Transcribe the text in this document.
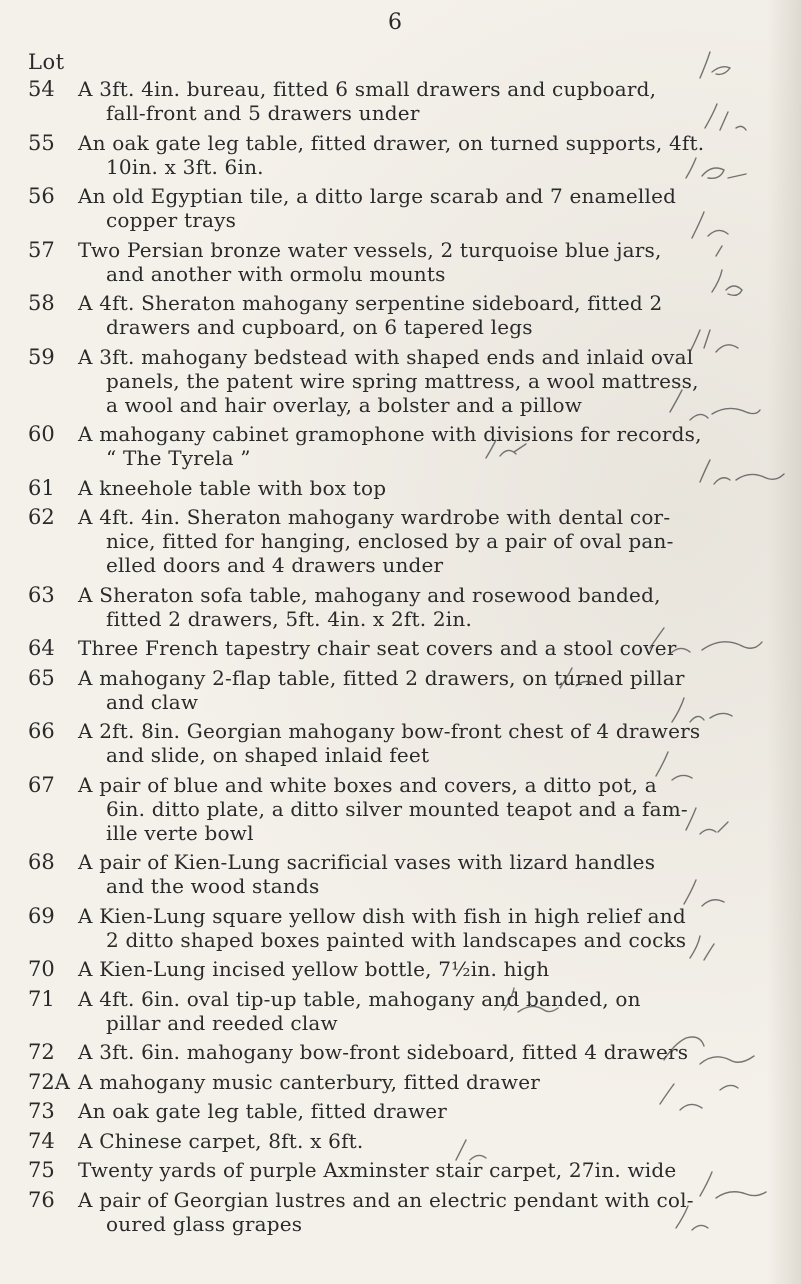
6
Lot
54	A 3ft. 4in. bureau, fitted 6 small drawers and cupboard,
fall-front and 5 drawers under
55	An oak gate leg table, fitted drawer, on turned supports, 4ft.
10in. x 3ft. 6in.
56	An old Egyptian tile, a ditto large scarab and 7 enamelled
copper trays
57	Two Persian bronze water vessels, 2 turquoise blue jars,
and another with ormolu mounts
58	A 4ft. Sheraton mahogany serpentine sideboard, fitted 2
drawers and cupboard, on 6 tapered legs
59	A 3ft. mahogany bedstead with shaped ends and inlaid oval
panels, the patent wire spring mattress, a wool mattress,
a wool and hair overlay, a bolster and a pillow
60	A mahogany cabinet gramophone with divisions for records,
“ The Tyrela ”
61	A kneehole table with box top
62	A 4ft. 4in. Sheraton mahogany wardrobe with dental cor-
nice, fitted for hanging, enclosed by a pair of oval pan-
elled doors and 4 drawers under
63	A Sheraton sofa table, mahogany and rosewood banded,
fitted 2 drawers, 5ft. 4in. x 2ft. 2in.
64	Three French tapestry chair seat covers and a stool cover
65	A mahogany 2-flap table, fitted 2 drawers, on turned pillar
and claw
66	A 2ft. 8in. Georgian mahogany bow-front chest of 4 drawers
and slide, on shaped inlaid feet
67	A pair of blue and white boxes and covers, a ditto pot, a
6in. ditto plate, a ditto silver mounted teapot and a fam-
ille verte bowl
68	A pair of Kien-Lung sacrificial vases with lizard handles
and the wood stands
69	A Kien-Lung square yellow dish with fish in high relief and
2 ditto shaped boxes painted with landscapes and cocks
70	A Kien-Lung incised yellow bottle, 7½in. high
71	A 4ft. 6in. oval tip-up table, mahogany and banded, on
pillar and reeded claw
72	A 3ft. 6in. mahogany bow-front sideboard, fitted 4 drawers
72A A mahogany music canterbury, fitted drawer
73	An oak gate leg table, fitted drawer
74	A Chinese carpet, 8ft. x 6ft.
75	Twenty yards of purple Axminster stair carpet, 27in. wide
76	A pair of Georgian lustres and an electric pendant with col-
oured glass grapes
